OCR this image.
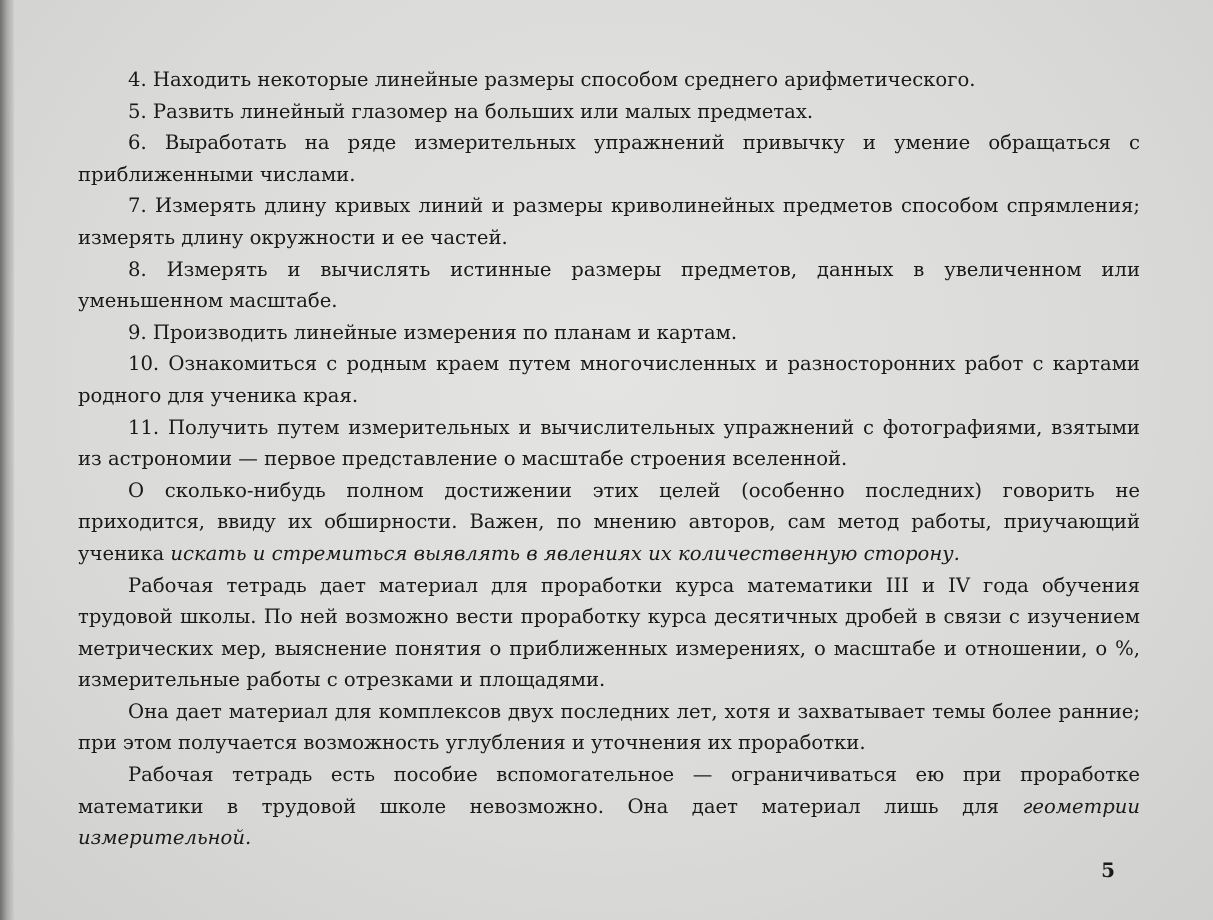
4. Находить некоторые линейные размеры способом среднего арифметического.

5. Развить линейный глазомер на больших или малых предметах.

6. Выработать на ряде измерительных упражнений привычку и умение обращаться с приближенными числами.

7. Измерять длину кривых линий и размеры криволинейных предметов способом спрямления; измерять длину окружности и ее частей.

8. Измерять и вычислять истинные размеры предметов, данных в увеличенном или уменьшенном масштабе.

9. Производить линейные измерения по планам и картам.

10. Ознакомиться с родным краем путем многочисленных и разносторонних работ с картами родного для ученика края.

11. Получить путем измерительных и вычислительных упражнений с фотографиями, взятыми из астрономии — первое представление о масштабе строения вселенной.

О сколько-нибудь полном достижении этих целей (особенно последних) говорить не приходится, ввиду их обширности. Важен, по мнению авторов, сам метод работы, приучающий ученика искать и стремиться выявлять в явлениях их количественную сторону.

Рабочая тетрадь дает материал для проработки курса математики III и IV года обучения трудовой школы. По ней возможно вести проработку курса десятичных дробей в связи с изучением метрических мер, выяснение понятия о приближенных измерениях, о масштабе и отношении, о %, измерительные работы с отрезками и площадями.

Она дает материал для комплексов двух последних лет, хотя и захватывает темы более ранние; при этом получается возможность углубления и уточнения их проработки.

Рабочая тетрадь есть пособие вспомогательное — ограничиваться ею при проработке математики в трудовой школе невозможно. Она дает материал лишь для геометрии измерительной.

5
